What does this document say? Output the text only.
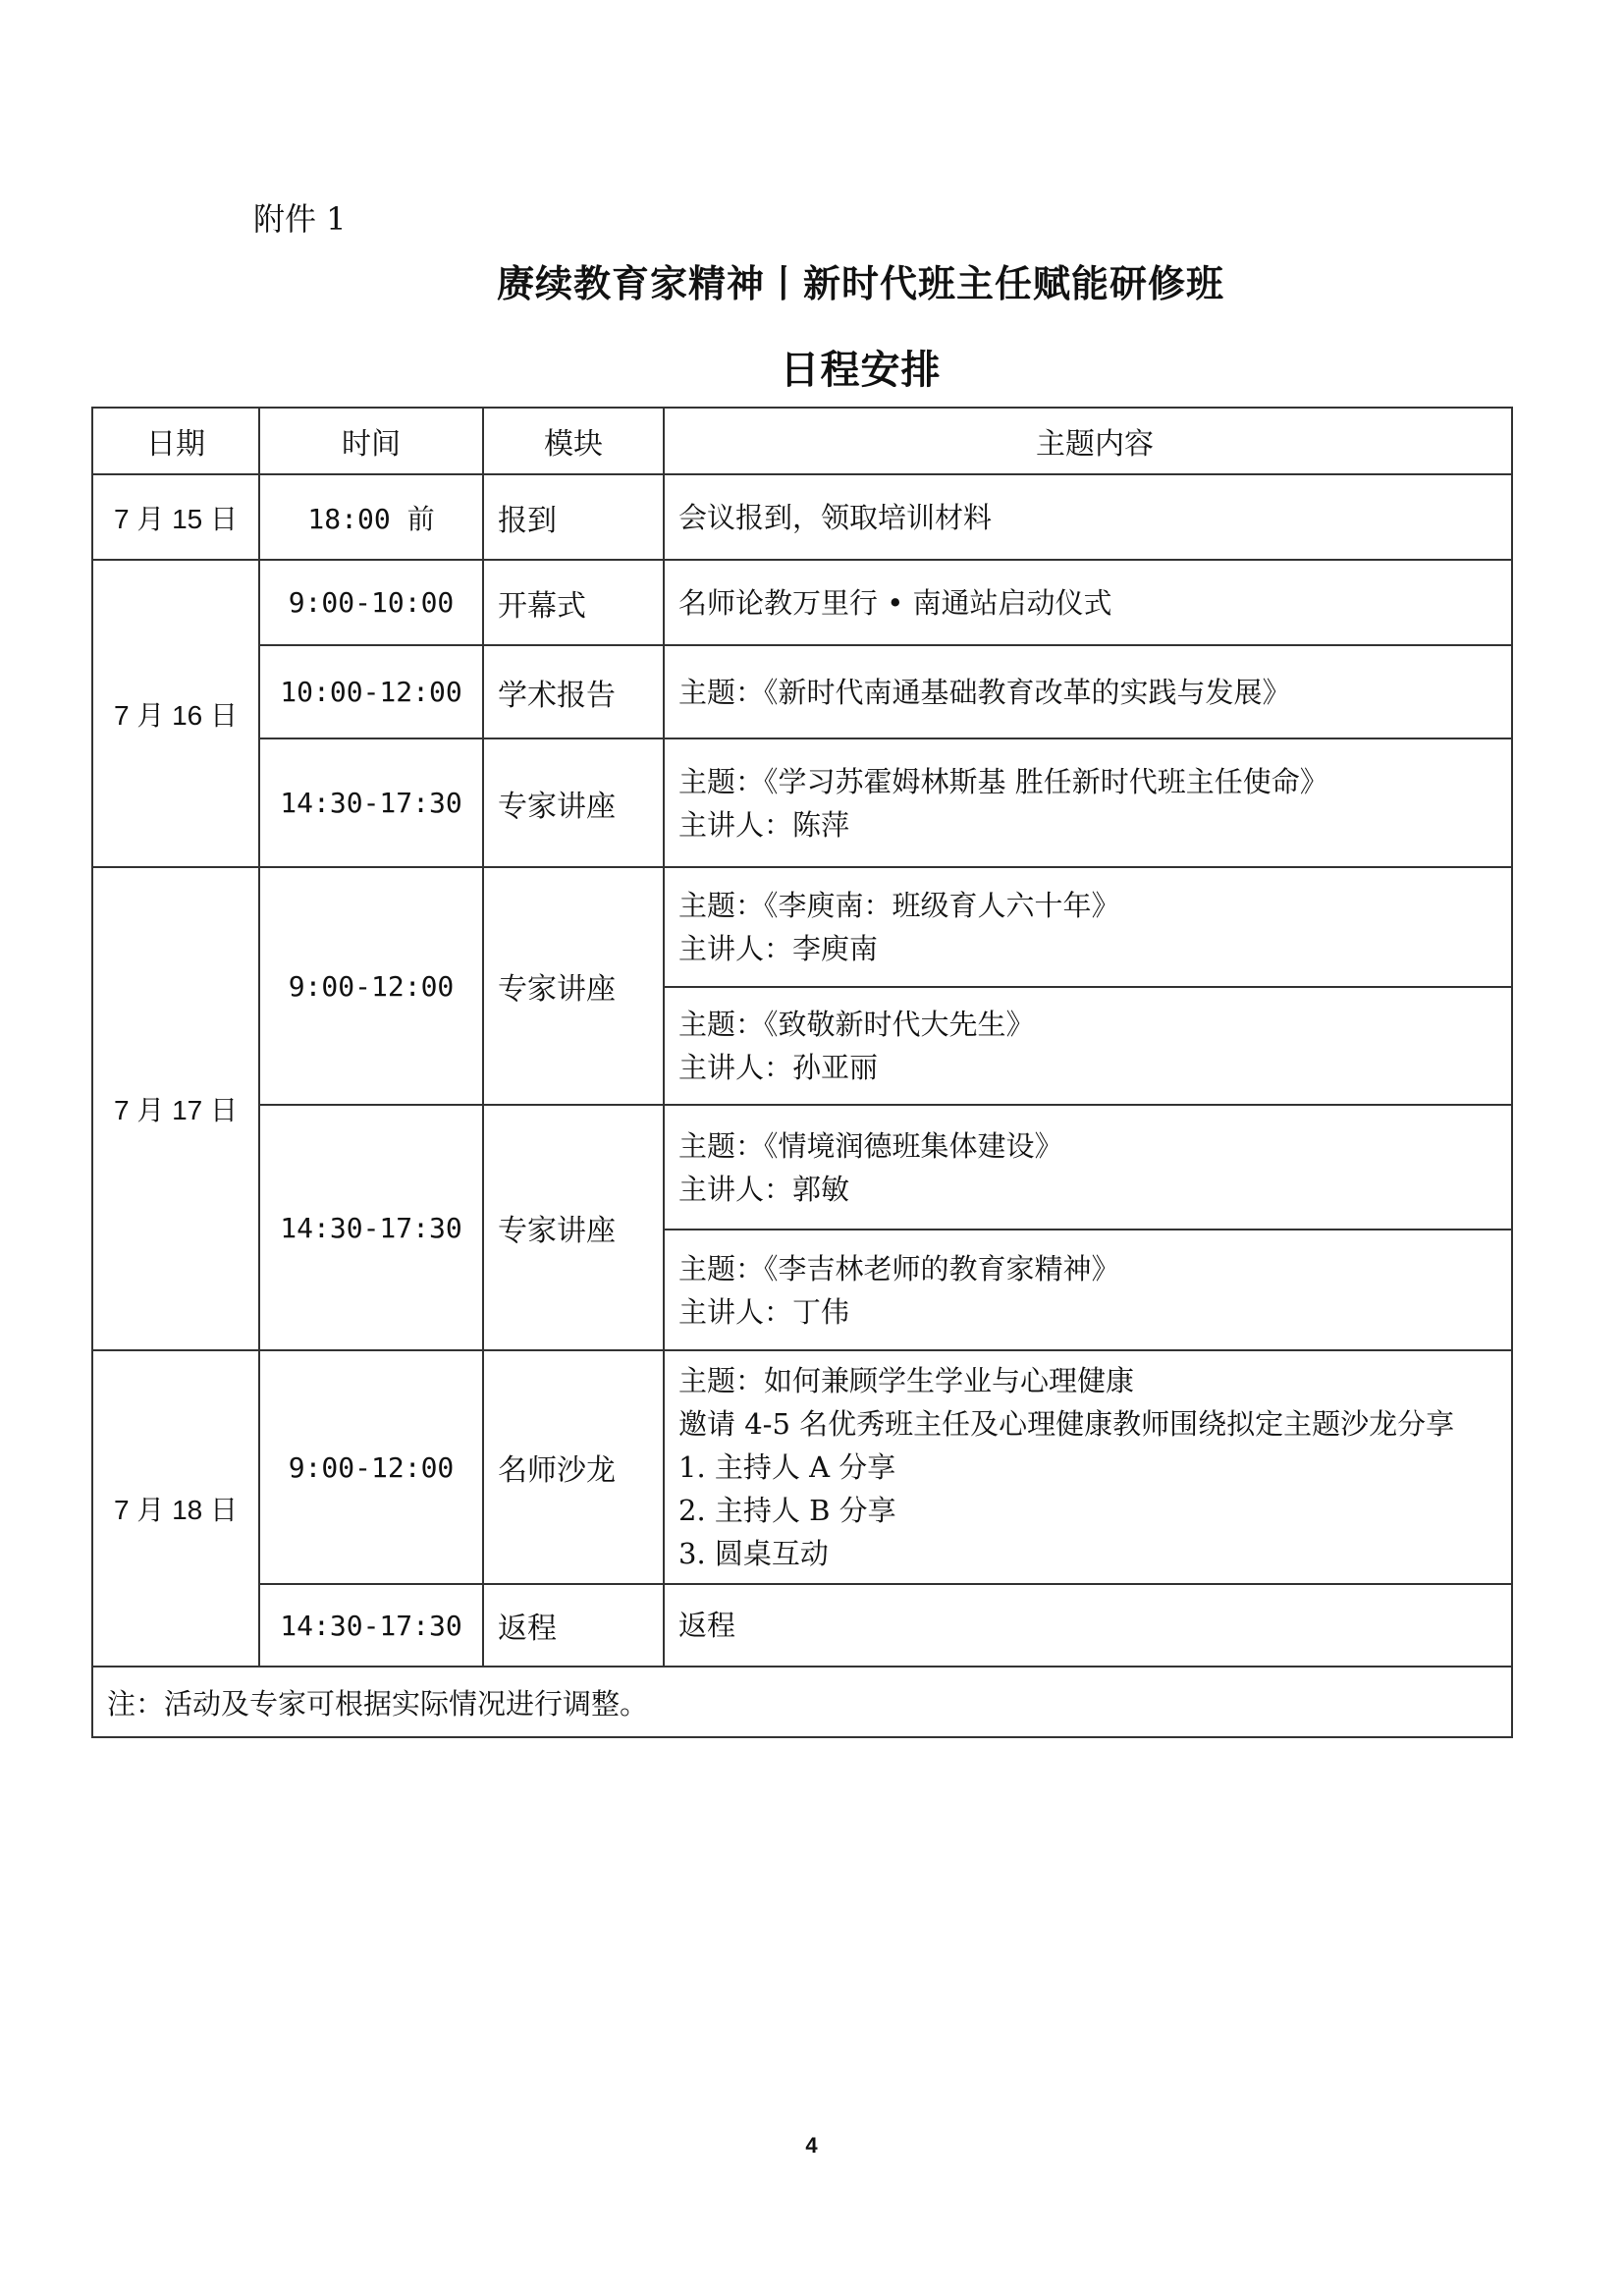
附件 1
赓续教育家精神丨新时代班主任赋能研修班
日程安排
日期	时间	模块	主题内容
7 月 15 日	18:00 前	报到	会议报到，领取培训材料
7 月 16 日	9:00-10:00	开幕式	名师论教万里行 • 南通站启动仪式
	10:00-12:00	学术报告	主题：《新时代南通基础教育改革的实践与发展》
	14:30-17:30	专家讲座	主题：《学习苏霍姆林斯基 胜任新时代班主任使命》
主讲人：陈萍

7 月 17 日	9:00-12:00	专家讲座	主题：《李庾南：班级育人六十年》
主讲人：李庾南

			主题：《致敬新时代大先生》
主讲人：孙亚丽

	14:30-17:30	专家讲座	主题：《情境润德班集体建设》
主讲人：郭敏

			主题：《李吉林老师的教育家精神》
主讲人：丁伟

7 月 18 日	9:00-12:00	名师沙龙	主题：如何兼顾学生学业与心理健康
邀请 4-5 名优秀班主任及心理健康教师围绕拟定主题沙龙分享
1. 主持人 A 分享
2. 主持人 B 分享
3. 圆桌互动

	14:30-17:30	返程	返程
注：活动及专家可根据实际情况进行调整。			
4
